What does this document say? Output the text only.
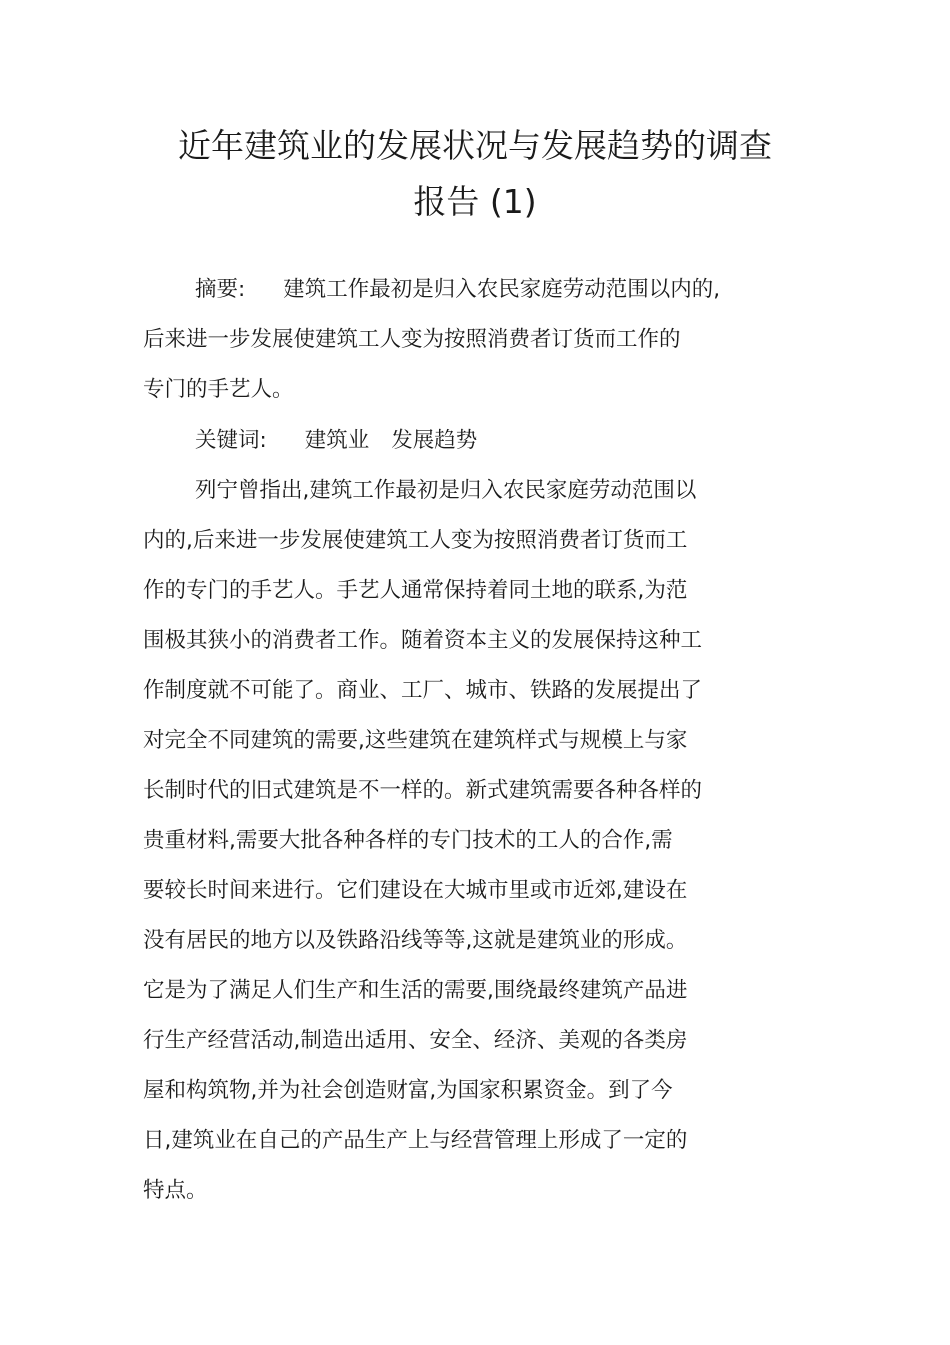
近年建筑业的发展状况与发展趋势的调查
报告 (1)
摘要: 建筑工作最初是归入农民家庭劳动范围以内的,
后来进一步发展使建筑工人变为按照消费者订货而工作的
专门的手艺人。
关键词: 建筑业 发展趋势
列宁曾指出,建筑工作最初是归入农民家庭劳动范围以
内的,后来进一步发展使建筑工人变为按照消费者订货而工
作的专门的手艺人。手艺人通常保持着同土地的联系,为范
围极其狭小的消费者工作。随着资本主义的发展保持这种工
作制度就不可能了。商业、工厂、城市、铁路的发展提出了
对完全不同建筑的需要,这些建筑在建筑样式与规模上与家
长制时代的旧式建筑是不一样的。新式建筑需要各种各样的
贵重材料,需要大批各种各样的专门技术的工人的合作,需
要较长时间来进行。它们建设在大城市里或市近郊,建设在
没有居民的地方以及铁路沿线等等,这就是建筑业的形成。
它是为了满足人们生产和生活的需要,围绕最终建筑产品进
行生产经营活动,制造出适用、安全、经济、美观的各类房
屋和构筑物,并为社会创造财富,为国家积累资金。到了今
日,建筑业在自己的产品生产上与经营管理上形成了一定的
特点。
